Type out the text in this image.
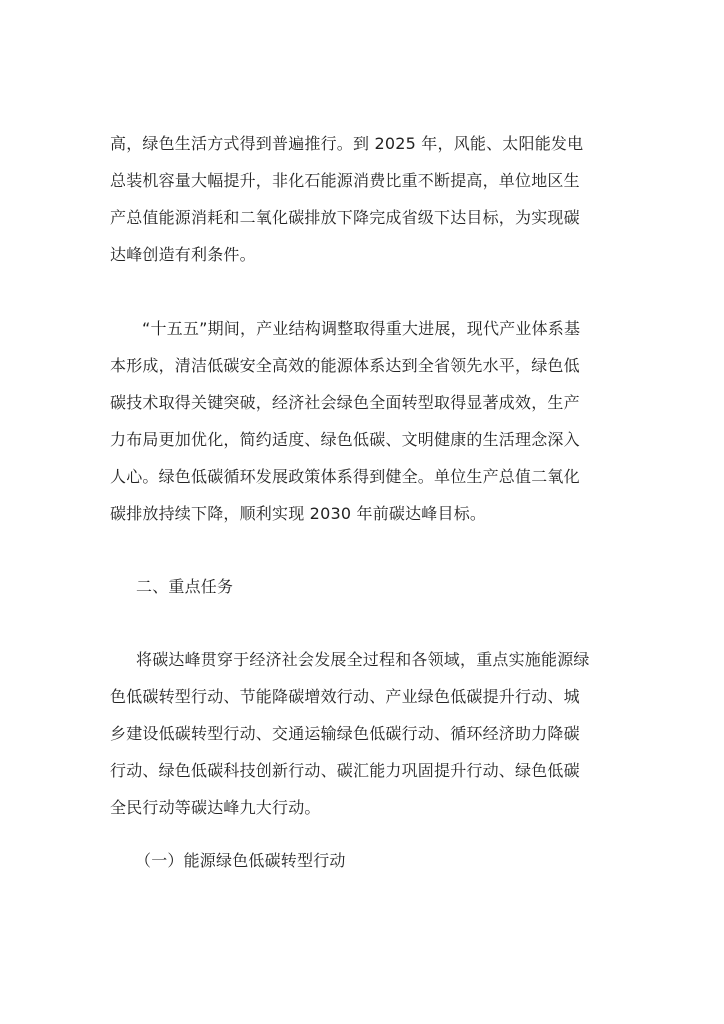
高，绿色生活方式得到普遍推行。到 2025 年，风能、太阳能发电
总装机容量大幅提升，非化石能源消费比重不断提高，单位地区生
产总值能源消耗和二氧化碳排放下降完成省级下达目标，为实现碳
达峰创造有利条件。
“十五五”期间，产业结构调整取得重大进展，现代产业体系基
本形成，清洁低碳安全高效的能源体系达到全省领先水平，绿色低
碳技术取得关键突破，经济社会绿色全面转型取得显著成效，生产
力布局更加优化，简约适度、绿色低碳、文明健康的生活理念深入
人心。绿色低碳循环发展政策体系得到健全。单位生产总值二氧化
碳排放持续下降，顺利实现 2030 年前碳达峰目标。
二、重点任务
将碳达峰贯穿于经济社会发展全过程和各领域，重点实施能源绿
色低碳转型行动、节能降碳增效行动、产业绿色低碳提升行动、城
乡建设低碳转型行动、交通运输绿色低碳行动、循环经济助力降碳
行动、绿色低碳科技创新行动、碳汇能力巩固提升行动、绿色低碳
全民行动等碳达峰九大行动。
（一）能源绿色低碳转型行动
